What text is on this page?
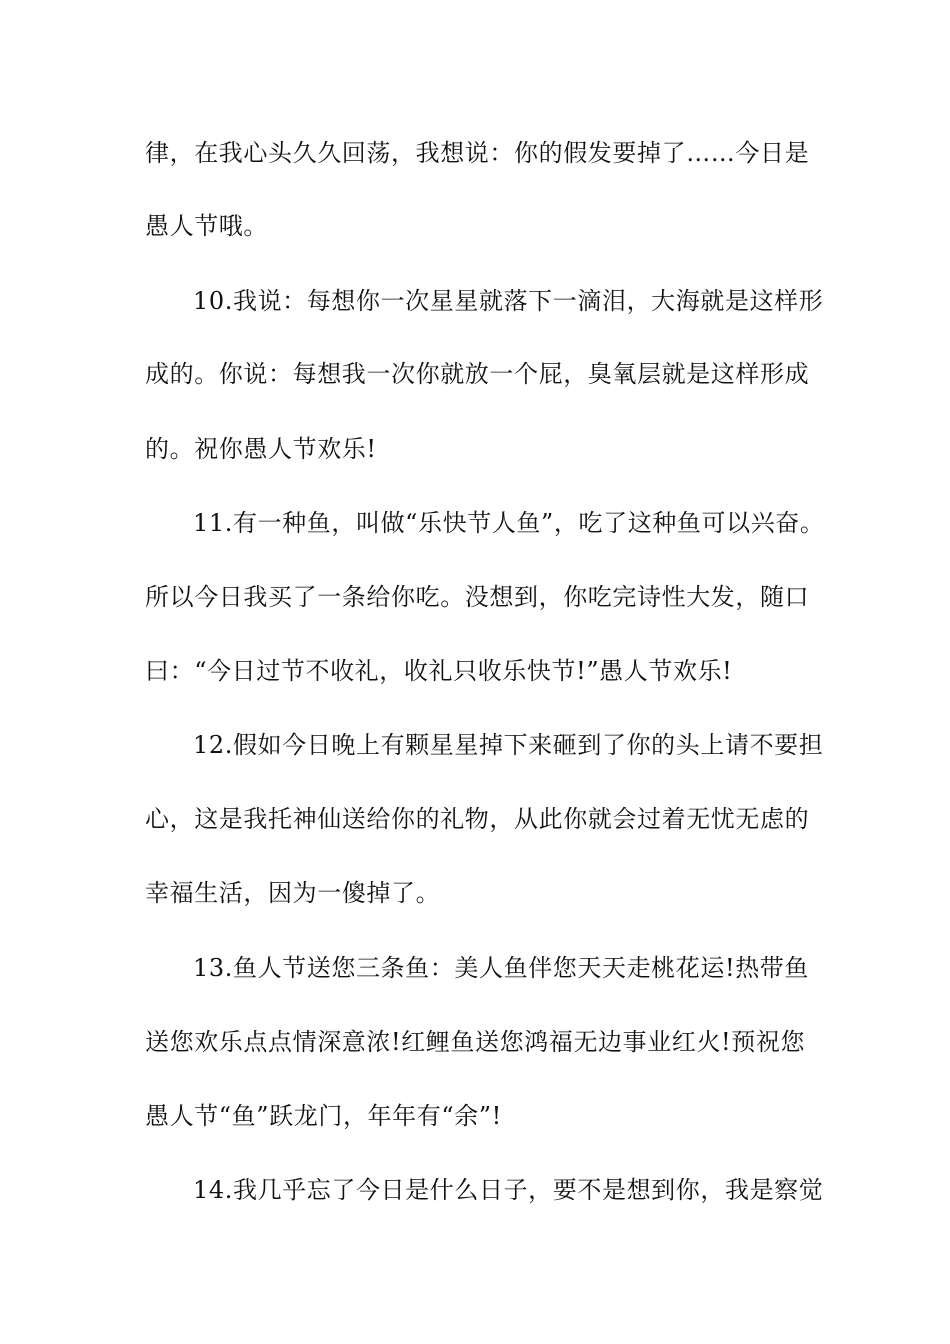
律，在我心头久久回荡，我想说：你的假发要掉了……今日是
愚人节哦。
10.我说：每想你一次星星就落下一滴泪，大海就是这样形
成的。你说：每想我一次你就放一个屁，臭氧层就是这样形成
的。祝你愚人节欢乐!
11.有一种鱼，叫做“乐快节人鱼”，吃了这种鱼可以兴奋。
所以今日我买了一条给你吃。没想到，你吃完诗性大发，随口
曰：“今日过节不收礼，收礼只收乐快节!”愚人节欢乐!
12.假如今日晚上有颗星星掉下来砸到了你的头上请不要担
心，这是我托神仙送给你的礼物，从此你就会过着无忧无虑的
幸福生活，因为一傻掉了。
13.鱼人节送您三条鱼：美人鱼伴您天天走桃花运!热带鱼
送您欢乐点点情深意浓!红鲤鱼送您鸿福无边事业红火!预祝您
愚人节“鱼”跃龙门，年年有“余”!
14.我几乎忘了今日是什么日子，要不是想到你，我是察觉
